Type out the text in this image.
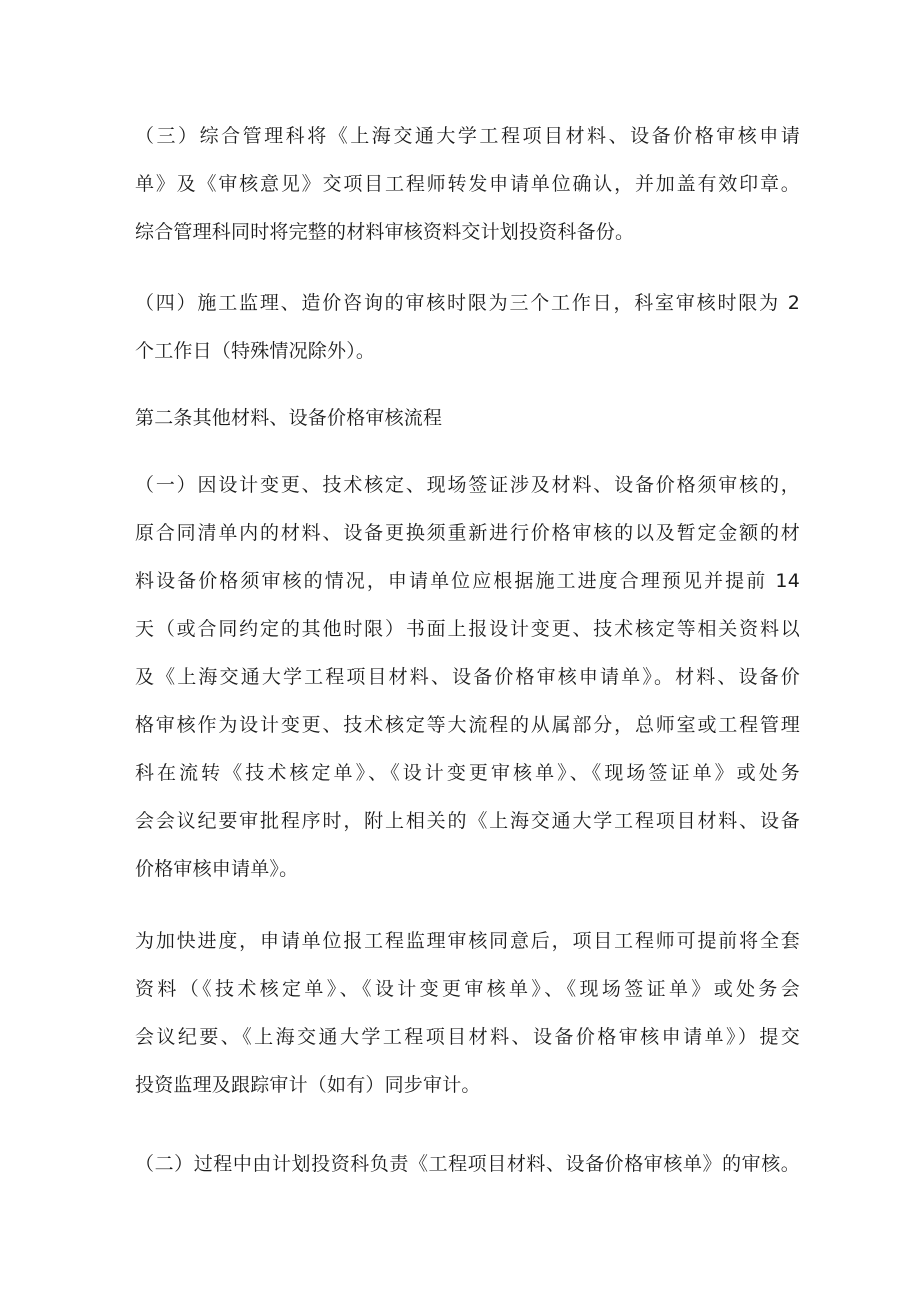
（三）综合管理科将《上海交通大学工程项目材料、设备价格审核申请
单》及《审核意见》交项目工程师转发申请单位确认，并加盖有效印章。
综合管理科同时将完整的材料审核资料交计划投资科备份。
（四）施工监理、造价咨询的审核时限为三个工作日，科室审核时限为 2
个工作日（特殊情况除外）。
第二条其他材料、设备价格审核流程
（一）因设计变更、技术核定、现场签证涉及材料、设备价格须审核的，
原合同清单内的材料、设备更换须重新进行价格审核的以及暂定金额的材
料设备价格须审核的情况，申请单位应根据施工进度合理预见并提前 14
天（或合同约定的其他时限）书面上报设计变更、技术核定等相关资料以
及《上海交通大学工程项目材料、设备价格审核申请单》。材料、设备价
格审核作为设计变更、技术核定等大流程的从属部分，总师室或工程管理
科在流转《技术核定单》、《设计变更审核单》、《现场签证单》或处务
会会议纪要审批程序时，附上相关的《上海交通大学工程项目材料、设备
价格审核申请单》。
为加快进度，申请单位报工程监理审核同意后，项目工程师可提前将全套
资料（《技术核定单》、《设计变更审核单》、《现场签证单》或处务会
会议纪要、《上海交通大学工程项目材料、设备价格审核申请单》）提交
投资监理及跟踪审计（如有）同步审计。
（二）过程中由计划投资科负责《工程项目材料、设备价格审核单》的审核。
